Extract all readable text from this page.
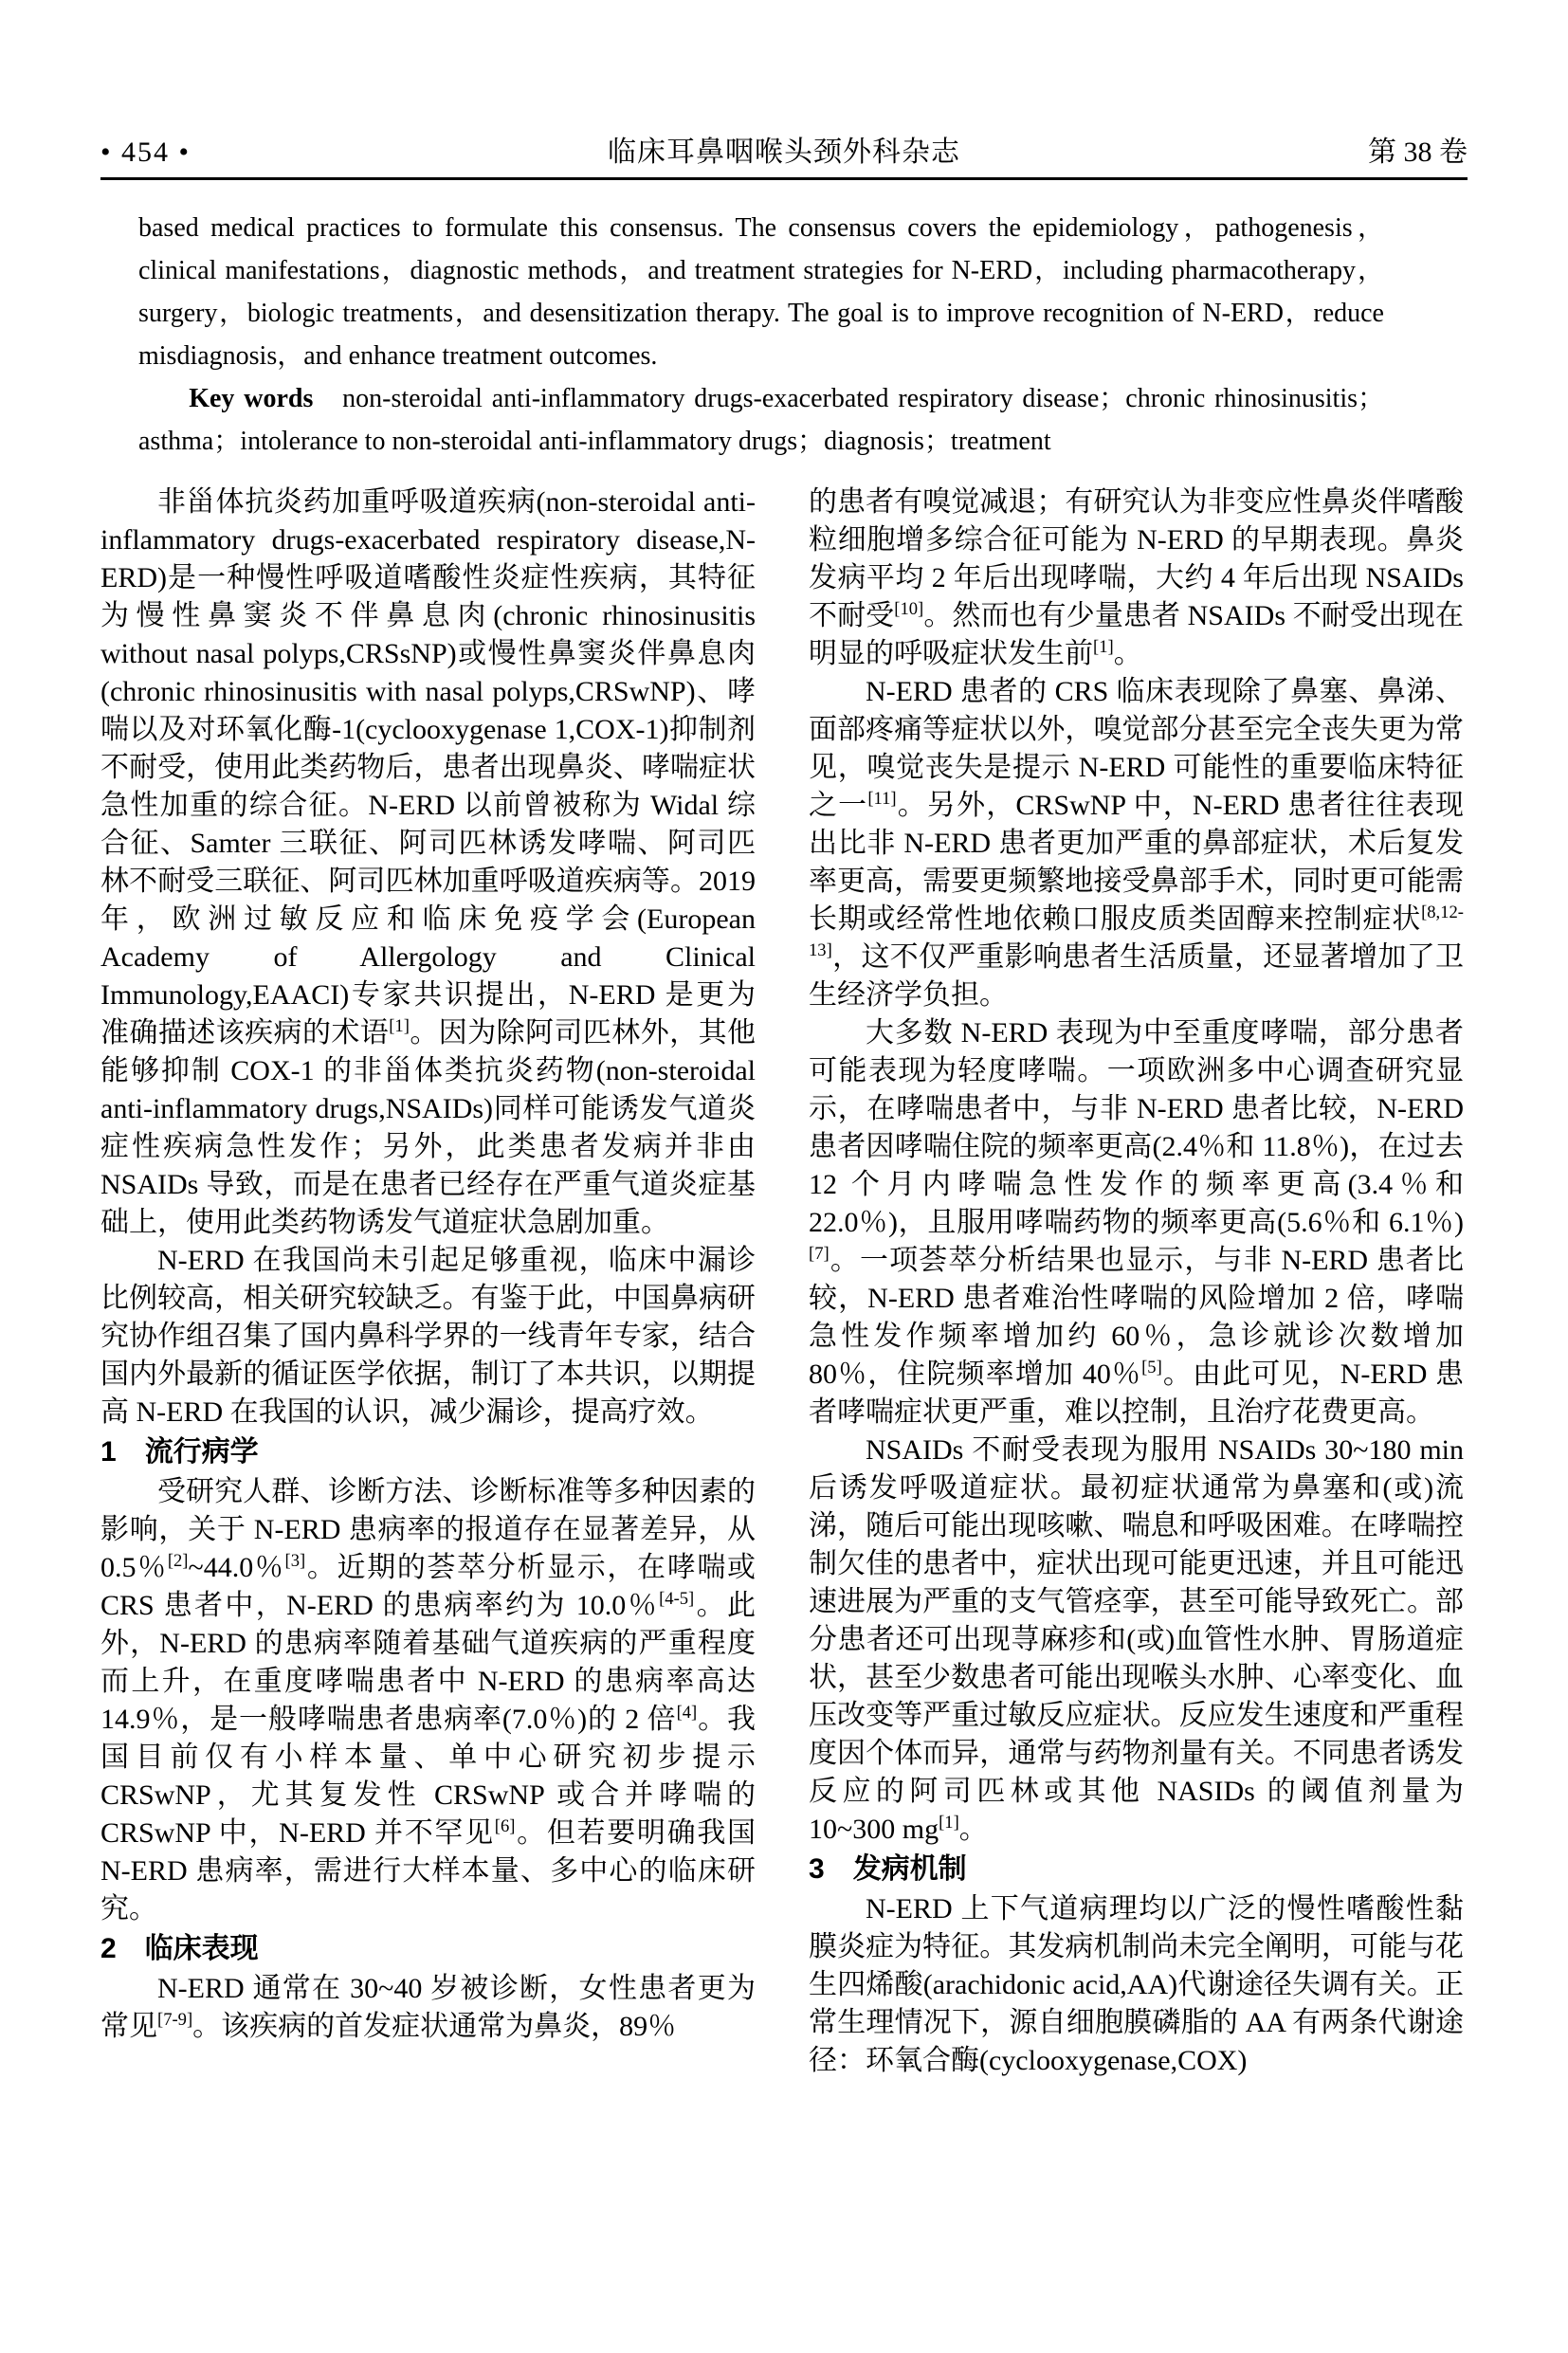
• 454 •	临床耳鼻咽喉头颈外科杂志	第 38 卷

based medical practices to formulate this consensus. The consensus covers the epidemiology，pathogenesis，clinical manifestations，diagnostic methods，and treatment strategies for N-ERD，including pharmacotherapy，surgery，biologic treatments，and desensitization therapy. The goal is to improve recognition of N-ERD，reduce misdiagnosis，and enhance treatment outcomes.

Key words non-steroidal anti-inflammatory drugs-exacerbated respiratory disease；chronic rhinosinusitis；asthma；intolerance to non-steroidal anti-inflammatory drugs；diagnosis；treatment

非甾体抗炎药加重呼吸道疾病(non-steroidal anti-inflammatory drugs-exacerbated respiratory disease,N-ERD)是一种慢性呼吸道嗜酸性炎症性疾病，其特征为慢性鼻窦炎不伴鼻息肉(chronic rhinosinusitis without nasal polyps,CRSsNP)或慢性鼻窦炎伴鼻息肉(chronic rhinosinusitis with nasal polyps,CRSwNP)、哮喘以及对环氧化酶-1(cyclooxygenase 1,COX-1)抑制剂不耐受，使用此类药物后，患者出现鼻炎、哮喘症状急性加重的综合征。N-ERD 以前曾被称为 Widal 综合征、Samter 三联征、阿司匹林诱发哮喘、阿司匹林不耐受三联征、阿司匹林加重呼吸道疾病等。2019 年，欧洲过敏反应和临床免疫学会(European Academy of Allergology and Clinical Immunology,EAACI)专家共识提出，N-ERD 是更为准确描述该疾病的术语[1]。因为除阿司匹林外，其他能够抑制 COX-1 的非甾体类抗炎药物(non-steroidal anti-inflammatory drugs,NSAIDs)同样可能诱发气道炎症性疾病急性发作；另外，此类患者发病并非由 NSAIDs 导致，而是在患者已经存在严重气道炎症基础上，使用此类药物诱发气道症状急剧加重。

N-ERD 在我国尚未引起足够重视，临床中漏诊比例较高，相关研究较缺乏。有鉴于此，中国鼻病研究协作组召集了国内鼻科学界的一线青年专家，结合国内外最新的循证医学依据，制订了本共识，以期提高 N-ERD 在我国的认识，减少漏诊，提高疗效。

1 流行病学

受研究人群、诊断方法、诊断标准等多种因素的影响，关于 N-ERD 患病率的报道存在显著差异，从 0.5％[2]~44.0％[3]。近期的荟萃分析显示，在哮喘或 CRS 患者中，N-ERD 的患病率约为 10.0％[4-5]。此外，N-ERD 的患病率随着基础气道疾病的严重程度而上升，在重度哮喘患者中 N-ERD 的患病率高达 14.9％，是一般哮喘患者患病率(7.0％)的 2 倍[4]。我国目前仅有小样本量、单中心研究初步提示 CRSwNP，尤其复发性 CRSwNP 或合并哮喘的 CRSwNP 中，N-ERD 并不罕见[6]。但若要明确我国 N-ERD 患病率，需进行大样本量、多中心的临床研究。

2 临床表现

N-ERD 通常在 30~40 岁被诊断，女性患者更为常见[7-9]。该疾病的首发症状通常为鼻炎，89％

的患者有嗅觉减退；有研究认为非变应性鼻炎伴嗜酸粒细胞增多综合征可能为 N-ERD 的早期表现。鼻炎发病平均 2 年后出现哮喘，大约 4 年后出现 NSAIDs 不耐受[10]。然而也有少量患者 NSAIDs 不耐受出现在明显的呼吸症状发生前[1]。

N-ERD 患者的 CRS 临床表现除了鼻塞、鼻涕、面部疼痛等症状以外，嗅觉部分甚至完全丧失更为常见，嗅觉丧失是提示 N-ERD 可能性的重要临床特征之一[11]。另外，CRSwNP 中，N-ERD 患者往往表现出比非 N-ERD 患者更加严重的鼻部症状，术后复发率更高，需要更频繁地接受鼻部手术，同时更可能需长期或经常性地依赖口服皮质类固醇来控制症状[8,12-13]，这不仅严重影响患者生活质量，还显著增加了卫生经济学负担。

大多数 N-ERD 表现为中至重度哮喘，部分患者可能表现为轻度哮喘。一项欧洲多中心调查研究显示，在哮喘患者中，与非 N-ERD 患者比较，N-ERD 患者因哮喘住院的频率更高(2.4％和 11.8％)，在过去 12 个月内哮喘急性发作的频率更高(3.4％和 22.0％)，且服用哮喘药物的频率更高(5.6％和 6.1％)[7]。一项荟萃分析结果也显示，与非 N-ERD 患者比较，N-ERD 患者难治性哮喘的风险增加 2 倍，哮喘急性发作频率增加约 60％，急诊就诊次数增加 80％，住院频率增加 40％[5]。由此可见，N-ERD 患者哮喘症状更严重，难以控制，且治疗花费更高。

NSAIDs 不耐受表现为服用 NSAIDs 30~180 min 后诱发呼吸道症状。最初症状通常为鼻塞和(或)流涕，随后可能出现咳嗽、喘息和呼吸困难。在哮喘控制欠佳的患者中，症状出现可能更迅速，并且可能迅速进展为严重的支气管痉挛，甚至可能导致死亡。部分患者还可出现荨麻疹和(或)血管性水肿、胃肠道症状，甚至少数患者可能出现喉头水肿、心率变化、血压改变等严重过敏反应症状。反应发生速度和严重程度因个体而异，通常与药物剂量有关。不同患者诱发反应的阿司匹林或其他 NASIDs 的阈值剂量为 10~300 mg[1]。

3 发病机制

N-ERD 上下气道病理均以广泛的慢性嗜酸性黏膜炎症为特征。其发病机制尚未完全阐明，可能与花生四烯酸(arachidonic acid,AA)代谢途径失调有关。正常生理情况下，源自细胞膜磷脂的 AA 有两条代谢途径：环氧合酶(cyclooxygenase,COX)
